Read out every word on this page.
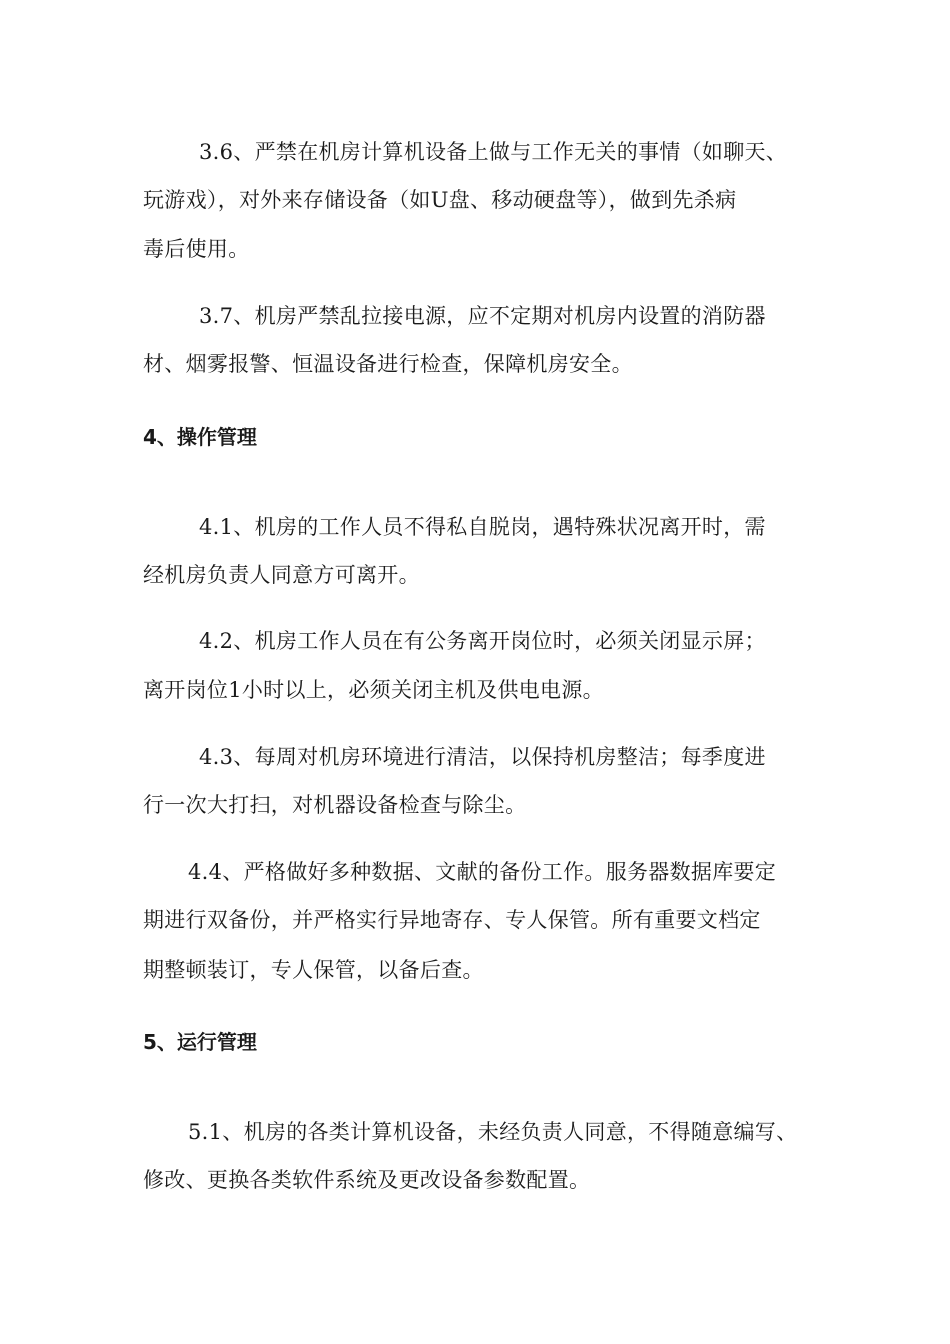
3.6、严禁在机房计算机设备上做与工作无关的事情（如聊天、
玩游戏），对外来存储设备（如U盘、移动硬盘等），做到先杀病
毒后使用。
3.7、机房严禁乱拉接电源，应不定期对机房内设置的消防器
材、烟雾报警、恒温设备进行检查，保障机房安全。
4、操作管理
4.1、机房的工作人员不得私自脱岗，遇特殊状况离开时，需
经机房负责人同意方可离开。
4.2、机房工作人员在有公务离开岗位时，必须关闭显示屏；
离开岗位1小时以上，必须关闭主机及供电电源。
4.3、每周对机房环境进行清洁，以保持机房整洁；每季度进
行一次大打扫，对机器设备检查与除尘。
4.4、严格做好多种数据、文献的备份工作。服务器数据库要定
期进行双备份，并严格实行异地寄存、专人保管。所有重要文档定
期整顿装订，专人保管，以备后查。
5、运行管理
5.1、机房的各类计算机设备，未经负责人同意，不得随意编写、
修改、更换各类软件系统及更改设备参数配置。
